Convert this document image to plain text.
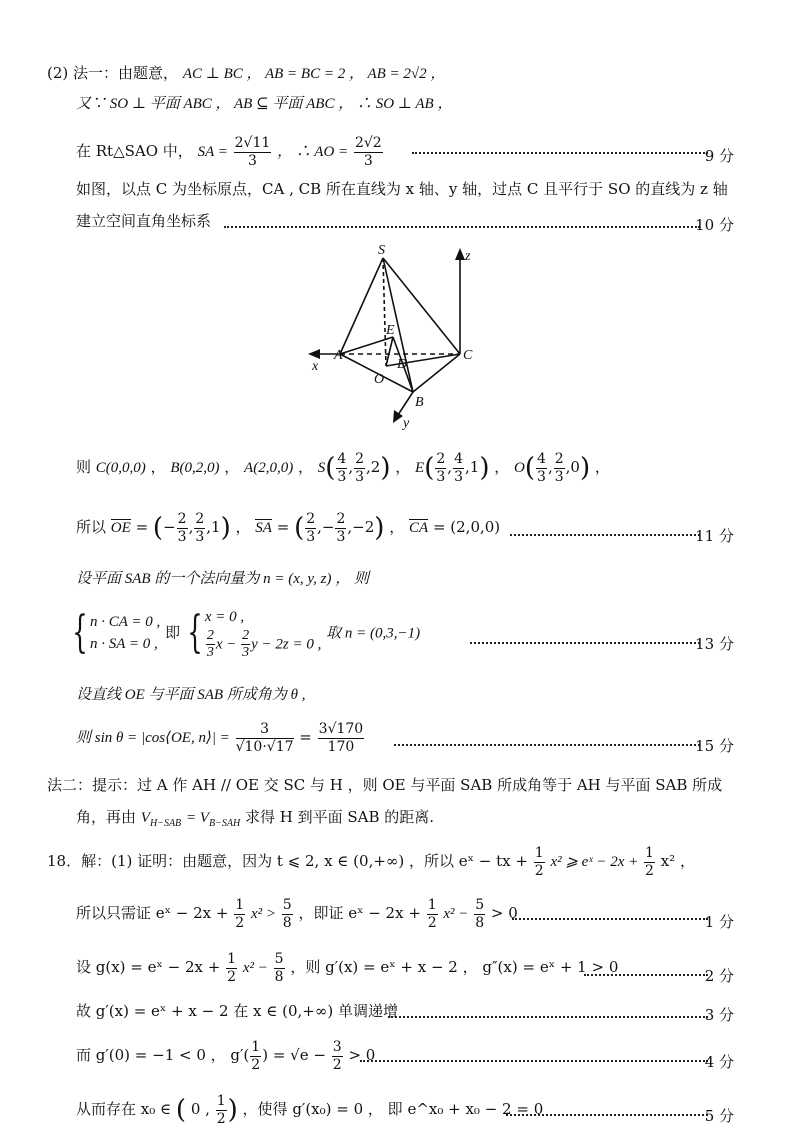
(2) 法一：由题意， AC ⊥ BC ， AB = BC = 2 ， AB = 2√2 ，
又∵ SO ⊥ 平面 ABC ， AB ⊆ 平面 ABC ， ∴ SO ⊥ AB ，
在 Rt△SAO 中， SA = $\frac{2√11}{3}$ ， ∴ AO = $\frac{2√2}{3}$	9 分
如图，以点 C 为坐标原点，CA , CB 所在直线为 x 轴、y 轴，过点 C 且平行于 SO 的直线为 z 轴
建立空间直角坐标系	10 分
S	z
E
A
D
C
x
O
B
y
则 C(0,0,0) ， B(0,2,0) ， A(2,0,0) ， $S( \frac{4}{3}$ , $\frac{2}{3} ,2$) ， $E( \frac{2}{3}$ , $\frac{4}{3} ,1$) ， $O( \frac{4}{3}$ , $\frac{2}{3} ,0$) ，
所以 OE = (− $\frac{2}{3}$ , $\frac{2}{3} ,1$) ， SA = ( $\frac{2}{3}$ ,− $\frac{2}{3} ,-2$) ， CA = (2,0,0)	11 分
设平面 SAB 的一个法向量为 n = (x, y, z) ， 则
{ n · CA = 0 ,
n · SA = 0 ,
即 { x = 0 ,
$\frac{2}{3}$ $x - \frac{2}{3}$ y − 2z = 0 ,
取 n = (0,3,−1)
13 分
设直线 OE 与平面 SAB 所成角为 θ ,
则 sin θ = |cos⟨OE, n⟩| = $\frac{3}{√10\cdot√17} = \frac{3√170}{170}$	15 分
法二：提示：过 A 作 AH // OE 交 SC 与 H ，则 OE 与平面 SAB 所成角等于 AH 与平面 SAB 所成
角，再由 $V_{H-SAB} = V_{B-SAH}$ 求得 H 到平面 SAB 的距离.
18．解：(1) 证明：由题意，因为 t ⩽ 2, x ∈ (0,+∞) ，所以 eˣ − tx + $\frac{1}{2} x^2$ ⩾ eˣ − $2x + \frac{1}{2} x^2$ ，
所以只需证 eˣ − $2x + \frac{1}{2} x^2 > \frac{5}{8}$ ，即证 eˣ − $2x + \frac{1}{2} x^2 - \frac{5}{8} > 0$	1 分
设 g(x) = eˣ − $2x + \frac{1}{2} x^2 - \frac{5}{8}$ ，则 g′(x) = eˣ + x − 2 ， g″(x) = eˣ + 1 > 0	2 分
故 g′(x) = eˣ + x − 2 在 x ∈ (0,+∞) 单调递增	3 分
而 g′(0) = −1 < 0 ， $g'( \frac{1}{2}$ ) = $√e - \frac{3}{2} > 0$	4 分
从而存在 x₀ ∈ ( 0 , $\frac{1}{2}$ ) ，使得 g′(x₀) = 0 ， 即 e^x₀ + x₀ − 2 = 0	5 分
